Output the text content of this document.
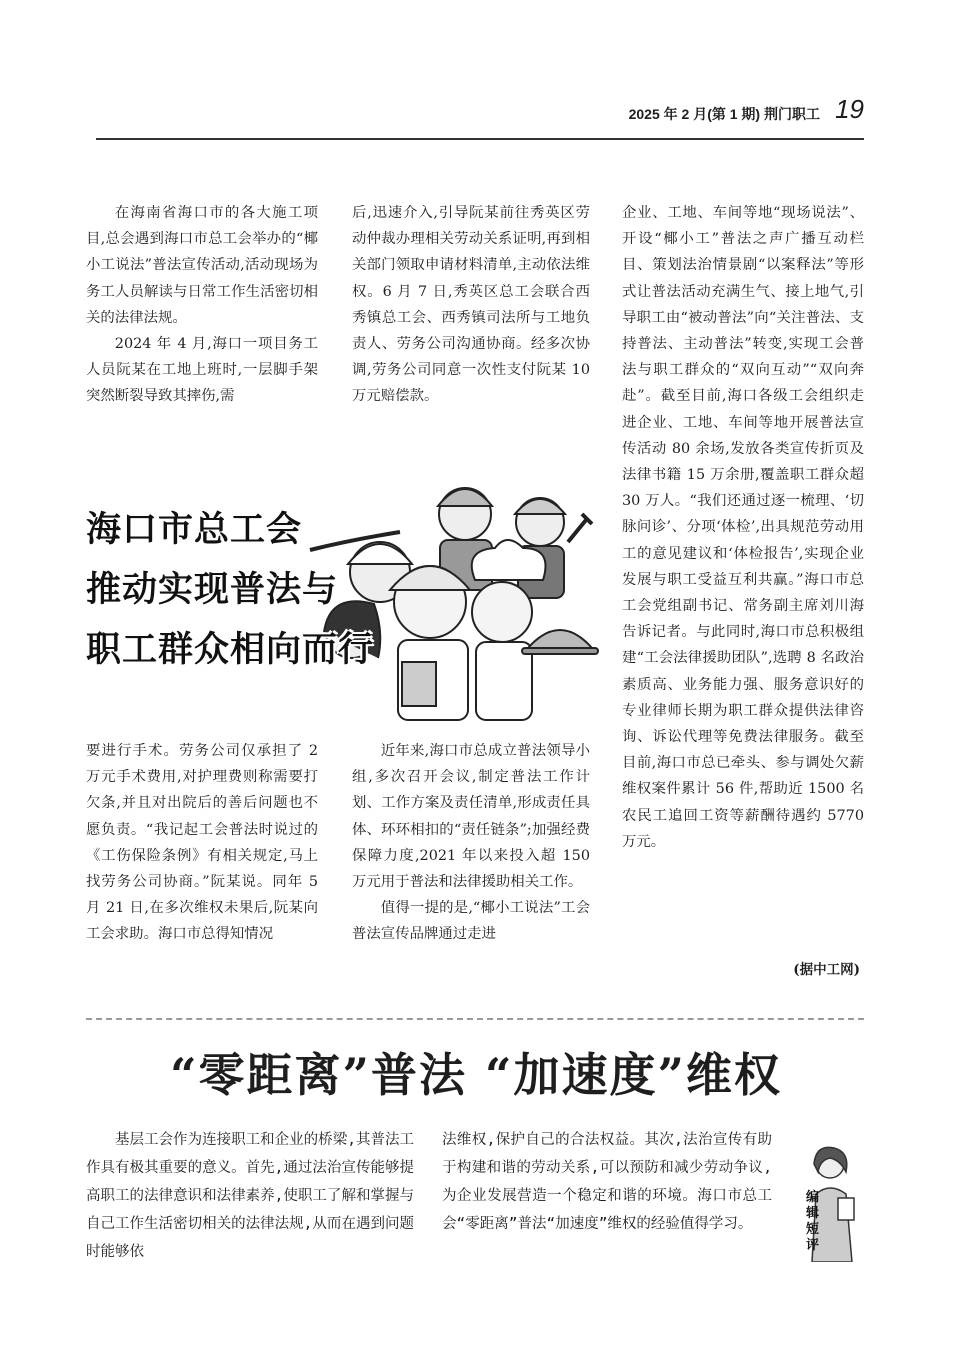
2025 年 2 月(第 1 期) 荆门职工 19

在海南省海口市的各大施工项目,总会遇到海口市总工会举办的“椰小工说法”普法宣传活动,活动现场为务工人员解读与日常工作生活密切相关的法律法规。

2024 年 4 月,海口一项目务工人员阮某在工地上班时,一层脚手架突然断裂导致其摔伤,需

后,迅速介入,引导阮某前往秀英区劳动仲裁办理相关劳动关系证明,再到相关部门领取申请材料清单,主动依法维权。6 月 7 日,秀英区总工会联合西秀镇总工会、西秀镇司法所与工地负责人、劳务公司沟通协商。经多次协调,劳务公司同意一次性支付阮某 10 万元赔偿款。

企业、工地、车间等地“现场说法”、开设“椰小工”普法之声广播互动栏目、策划法治情景剧“以案释法”等形式让普法活动充满生气、接上地气,引导职工由“被动普法”向“关注普法、支持普法、主动普法”转变,实现工会普法与职工群众的“双向互动”“双向奔赴”。截至目前,海口各级工会组织走进企业、工地、车间等地开展普法宣传活动 80 余场,发放各类宣传折页及法律书籍 15 万余册,覆盖职工群众超 30 万人。“我们还通过逐一梳理、‘切脉问诊’、分项‘体检’,出具规范劳动用工的意见建议和‘体检报告’,实现企业发展与职工受益互利共赢。”海口市总工会党组副书记、常务副主席刘川海告诉记者。与此同时,海口市总积极组建“工会法律援助团队”,选聘 8 名政治素质高、业务能力强、服务意识好的专业律师长期为职工群众提供法律咨询、诉讼代理等免费法律服务。截至目前,海口市总已牵头、参与调处欠薪维权案件累计 56 件,帮助近 1500 名农民工追回工资等薪酬待遇约 5770 万元。

海口市总工会
推动实现普法与
职工群众相向而行

要进行手术。劳务公司仅承担了 2 万元手术费用,对护理费则称需要打欠条,并且对出院后的善后问题也不愿负责。“我记起工会普法时说过的《工伤保险条例》有相关规定,马上找劳务公司协商。”阮某说。同年 5 月 21 日,在多次维权未果后,阮某向工会求助。海口市总得知情况

近年来,海口市总成立普法领导小组,多次召开会议,制定普法工作计划、工作方案及责任清单,形成责任具体、环环相扣的“责任链条”;加强经费保障力度,2021 年以来投入超 150 万元用于普法和法律援助相关工作。

值得一提的是,“椰小工说法”工会普法宣传品牌通过走进

(据中工网)
“零距离”普法 “加速度”维权

基层工会作为连接职工和企业的桥梁,其普法工作具有极其重要的意义。首先,通过法治宣传能够提高职工的法律意识和法律素养,使职工了解和掌握与自己工作生活密切相关的法律法规,从而在遇到问题时能够依

法维权,保护自己的合法权益。其次,法治宣传有助于构建和谐的劳动关系,可以预防和减少劳动争议,为企业发展营造一个稳定和谐的环境。海口市总工会“零距离”普法“加速度”维权的经验值得学习。

编辑短评
